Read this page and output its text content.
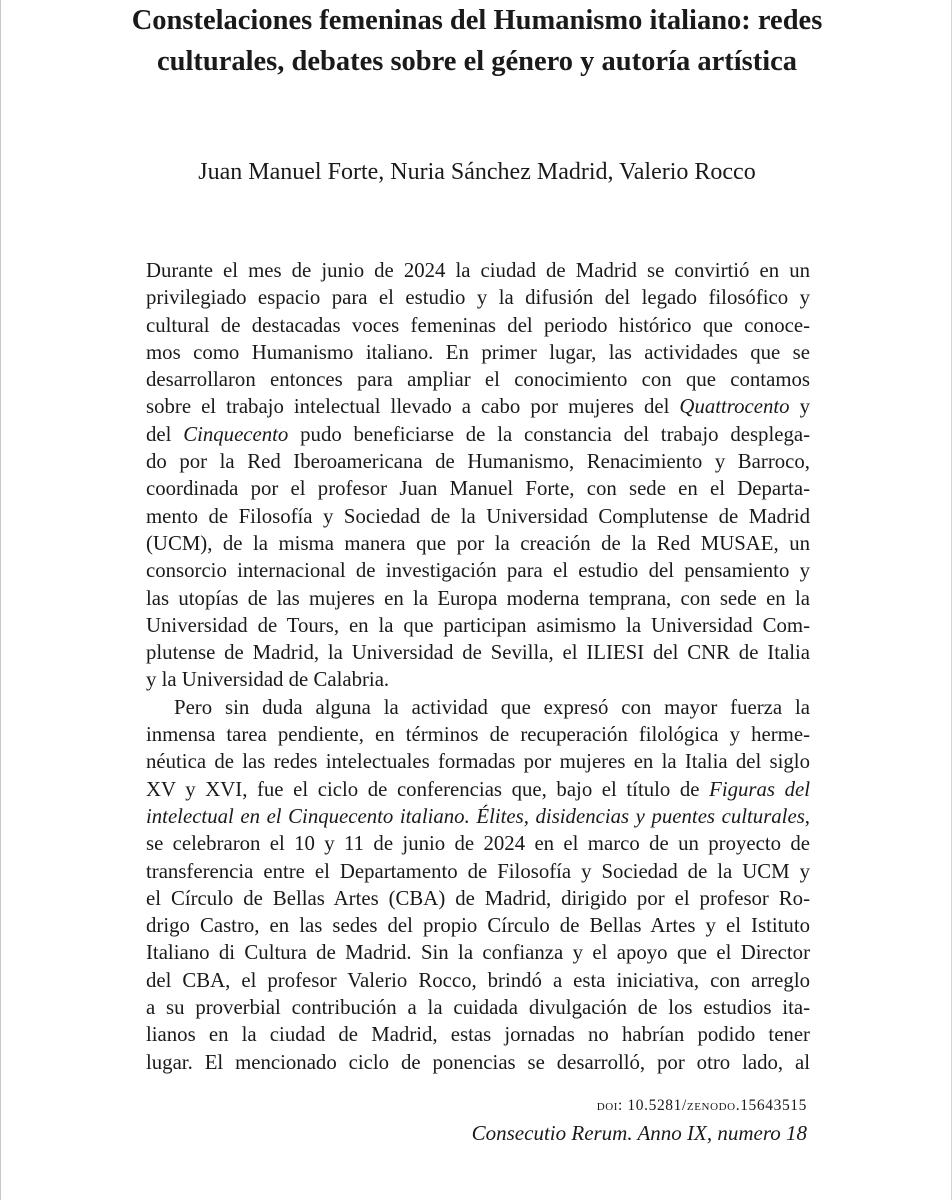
Constelaciones femeninas del Humanismo italiano: redes culturales, debates sobre el género y autoría artística

Juan Manuel Forte, Nuria Sánchez Madrid, Valerio Rocco

Durante el mes de junio de 2024 la ciudad de Madrid se convirtió en un
privilegiado espacio para el estudio y la difusión del legado filosófico y
cultural de destacadas voces femeninas del periodo histórico que conoce-
mos como Humanismo italiano. En primer lugar, las actividades que se
desarrollaron entonces para ampliar el conocimiento con que contamos
sobre el trabajo intelectual llevado a cabo por mujeres del Quattrocento y
del Cinquecento pudo beneficiarse de la constancia del trabajo desplega-
do por la Red Iberoamericana de Humanismo, Renacimiento y Barroco,
coordinada por el profesor Juan Manuel Forte, con sede en el Departa-
mento de Filosofía y Sociedad de la Universidad Complutense de Madrid
(UCM), de la misma manera que por la creación de la Red MUSAE, un
consorcio internacional de investigación para el estudio del pensamiento y
las utopías de las mujeres en la Europa moderna temprana, con sede en la
Universidad de Tours, en la que participan asimismo la Universidad Com-
plutense de Madrid, la Universidad de Sevilla, el ILIESI del CNR de Italia
y la Universidad de Calabria.
Pero sin duda alguna la actividad que expresó con mayor fuerza la
inmensa tarea pendiente, en términos de recuperación filológica y herme-
néutica de las redes intelectuales formadas por mujeres en la Italia del siglo
XV y XVI, fue el ciclo de conferencias que, bajo el título de Figuras del
intelectual en el Cinquecento italiano. Élites, disidencias y puentes culturales,
se celebraron el 10 y 11 de junio de 2024 en el marco de un proyecto de
transferencia entre el Departamento de Filosofía y Sociedad de la UCM y
el Círculo de Bellas Artes (CBA) de Madrid, dirigido por el profesor Ro-
drigo Castro, en las sedes del propio Círculo de Bellas Artes y el Istituto
Italiano di Cultura de Madrid. Sin la confianza y el apoyo que el Director
del CBA, el profesor Valerio Rocco, brindó a esta iniciativa, con arreglo
a su proverbial contribución a la cuidada divulgación de los estudios ita-
lianos en la ciudad de Madrid, estas jornadas no habrían podido tener
lugar. El mencionado ciclo de ponencias se desarrolló, por otro lado, al
doi: 10.5281/zenodo.15643515
Consecutio Rerum. Anno IX, numero 18
